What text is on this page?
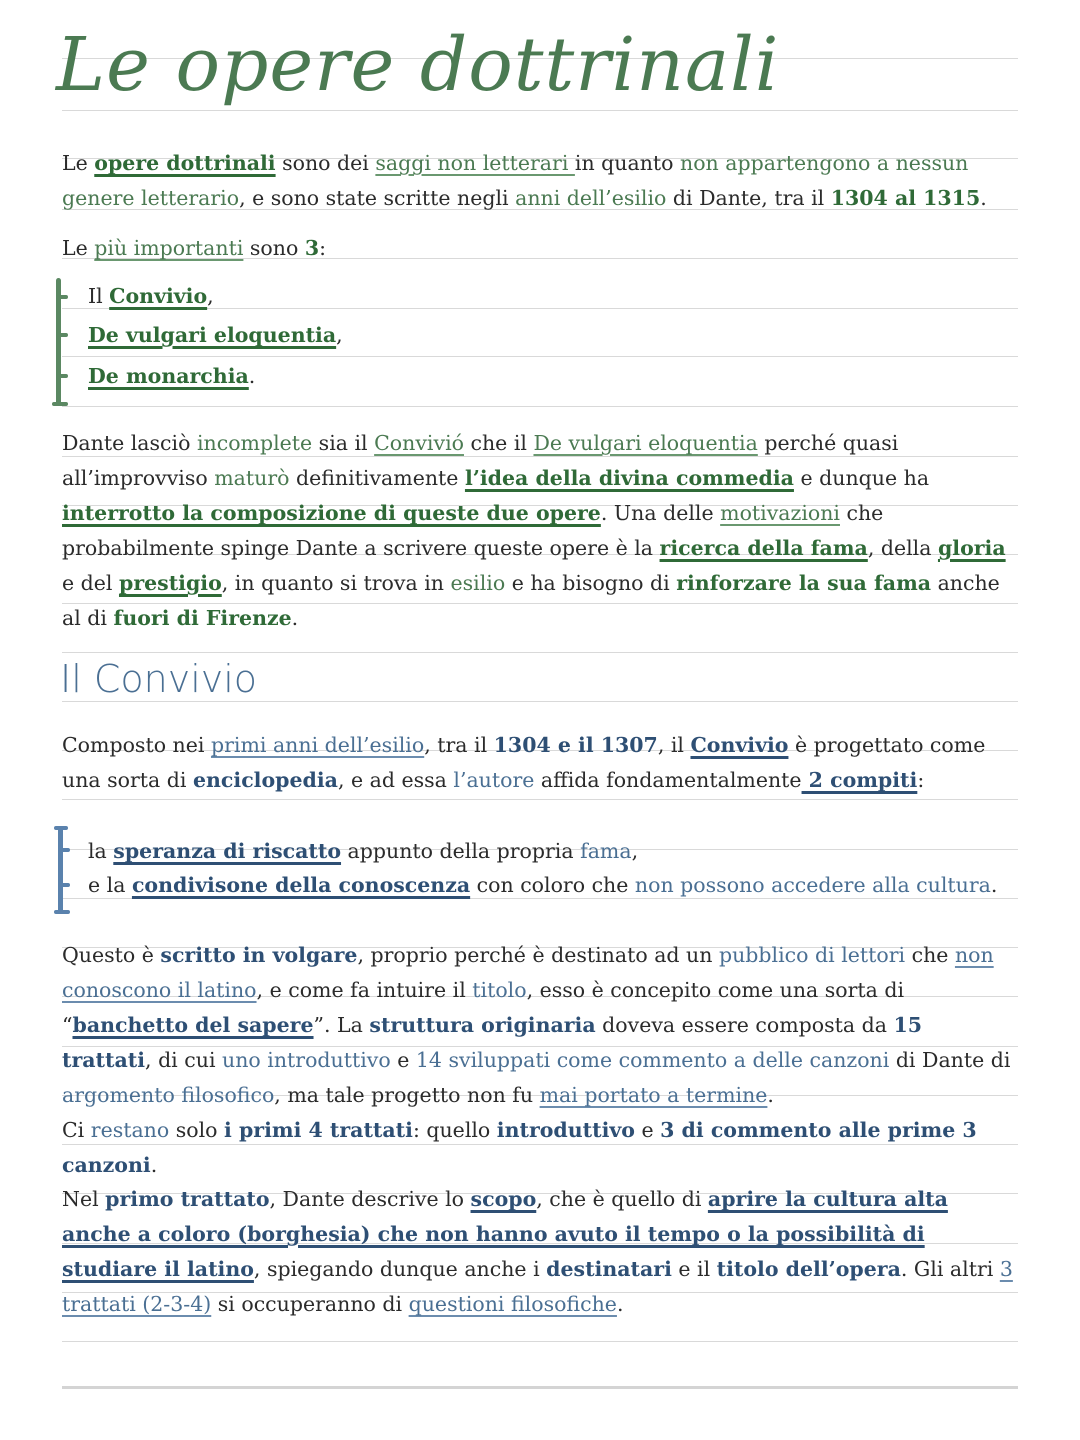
Le opere dottrinali

Le opere dottrinali sono dei saggi non letterari in quanto non appartengono a nessun genere letterario, e sono state scritte negli anni dell’esilio di Dante, tra il 1304 al 1315.

Le più importanti sono 3:

Il Convivio,
De vulgari eloquentia,
De monarchia.

Dante lasciò incomplete sia il Convivió che il De vulgari eloquentia perché quasi all’improvviso maturò definitivamente l’idea della divina commedia e dunque ha interrotto la composizione di queste due opere. Una delle motivazioni che probabilmente spinge Dante a scrivere queste opere è la ricerca della fama, della gloria e del prestigio, in quanto si trova in esilio e ha bisogno di rinforzare la sua fama anche al di fuori di Firenze.

Il Convivio

Composto nei primi anni dell’esilio, tra il 1304 e il 1307, il Convivio è progettato come una sorta di enciclopedia, e ad essa l’autore affida fondamentalmente 2 compiti:

la speranza di riscatto appunto della propria fama,
e la condivisone della conoscenza con coloro che non possono accedere alla cultura.

Questo è scritto in volgare, proprio perché è destinato ad un pubblico di lettori che non conoscono il latino, e come fa intuire il titolo, esso è concepito come una sorta di “banchetto del sapere”. La struttura originaria doveva essere composta da 15 trattati, di cui uno introduttivo e 14 sviluppati come commento a delle canzoni di Dante di argomento filosofico, ma tale progetto non fu mai portato a termine.
Ci restano solo i primi 4 trattati: quello introduttivo e 3 di commento alle prime 3 canzoni.

Nel primo trattato, Dante descrive lo scopo, che è quello di aprire la cultura alta anche a coloro (borghesia) che non hanno avuto il tempo o la possibilità di studiare il latino, spiegando dunque anche i destinatari e il titolo dell’opera. Gli altri 3 trattati (2-3-4) si occuperanno di questioni filosofiche.
